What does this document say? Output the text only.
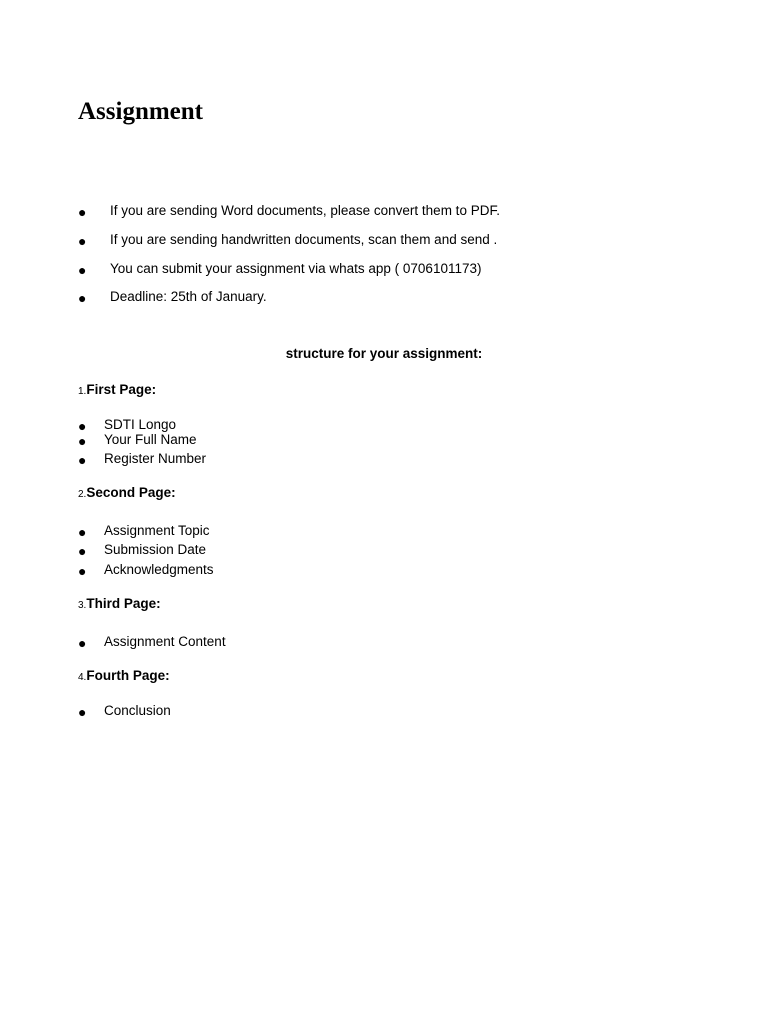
Assignment
● If you are sending Word documents, please convert them to PDF.
● If you are sending handwritten documents, scan them and send .
● You can submit your assignment via whats app ( 0706101173)
● Deadline: 25th of January.
structure for your assignment:
1.First Page:
● SDTI Longo
● Your Full Name
● Register Number
2.Second Page:
● Assignment Topic
● Submission Date
● Acknowledgments
3.Third Page:
● Assignment Content
4.Fourth Page:
● Conclusion
